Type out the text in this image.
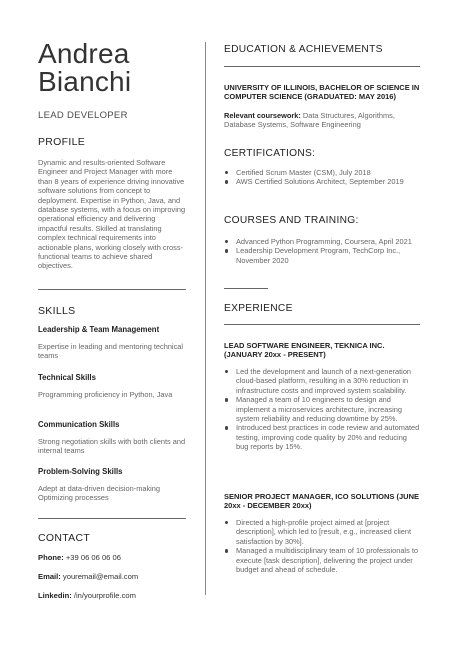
Andrea
Bianchi
LEAD DEVELOPER
PROFILE
Dynamic and results-oriented Software Engineer and Project Manager with more than 8 years of experience driving innovative software solutions from concept to deployment. Expertise in Python, Java, and database systems, with a focus on improving operational efficiency and delivering impactful results. Skilled at translating complex technical requirements into actionable plans, working closely with cross-functional teams to achieve shared objectives.
SKILLS
Leadership & Team Management
Expertise in leading and mentoring technical teams
Technical Skills
Programming proficiency in Python, Java
Communication Skills
Strong negotiation skills with both clients and internal teams
Problem-Solving Skills
Adept at data-driven decision-making Optimizing processes
CONTACT
Phone: +39 06 06 06 06
Email: youremail@email.com
Linkedin: /in/yourprofile.com
EDUCATION & ACHIEVEMENTS
UNIVERSITY OF ILLINOIS, BACHELOR OF SCIENCE IN COMPUTER SCIENCE (GRADUATED: MAY 2016)
Relevant coursework: Data Structures, Algorithms, Database Systems, Software Engineering
CERTIFICATIONS:
Certified Scrum Master (CSM), July 2018
AWS Certified Solutions Architect, September 2019
COURSES AND TRAINING:
Advanced Python Programming, Coursera, April 2021
Leadership Development Program, TechCorp Inc., November 2020
EXPERIENCE
LEAD SOFTWARE ENGINEER, TEKNICA INC. (JANUARY 20xx - PRESENT)
Led the development and launch of a next-generation cloud-based platform, resulting in a 30% reduction in infrastructure costs and improved system scalability.
Managed a team of 10 engineers to design and implement a microservices architecture, increasing system reliability and reducing downtime by 25%.
Introduced best practices in code review and automated testing, improving code quality by 20% and reducing bug reports by 15%.
SENIOR PROJECT MANAGER, ICO SOLUTIONS (JUNE 20xx - DECEMBER 20xx)
Directed a high-profile project aimed at [project description], which led to [result, e.g., increased client satisfaction by 30%].
Managed a multidisciplinary team of 10 professionals to execute [task description], delivering the project under budget and ahead of schedule.
